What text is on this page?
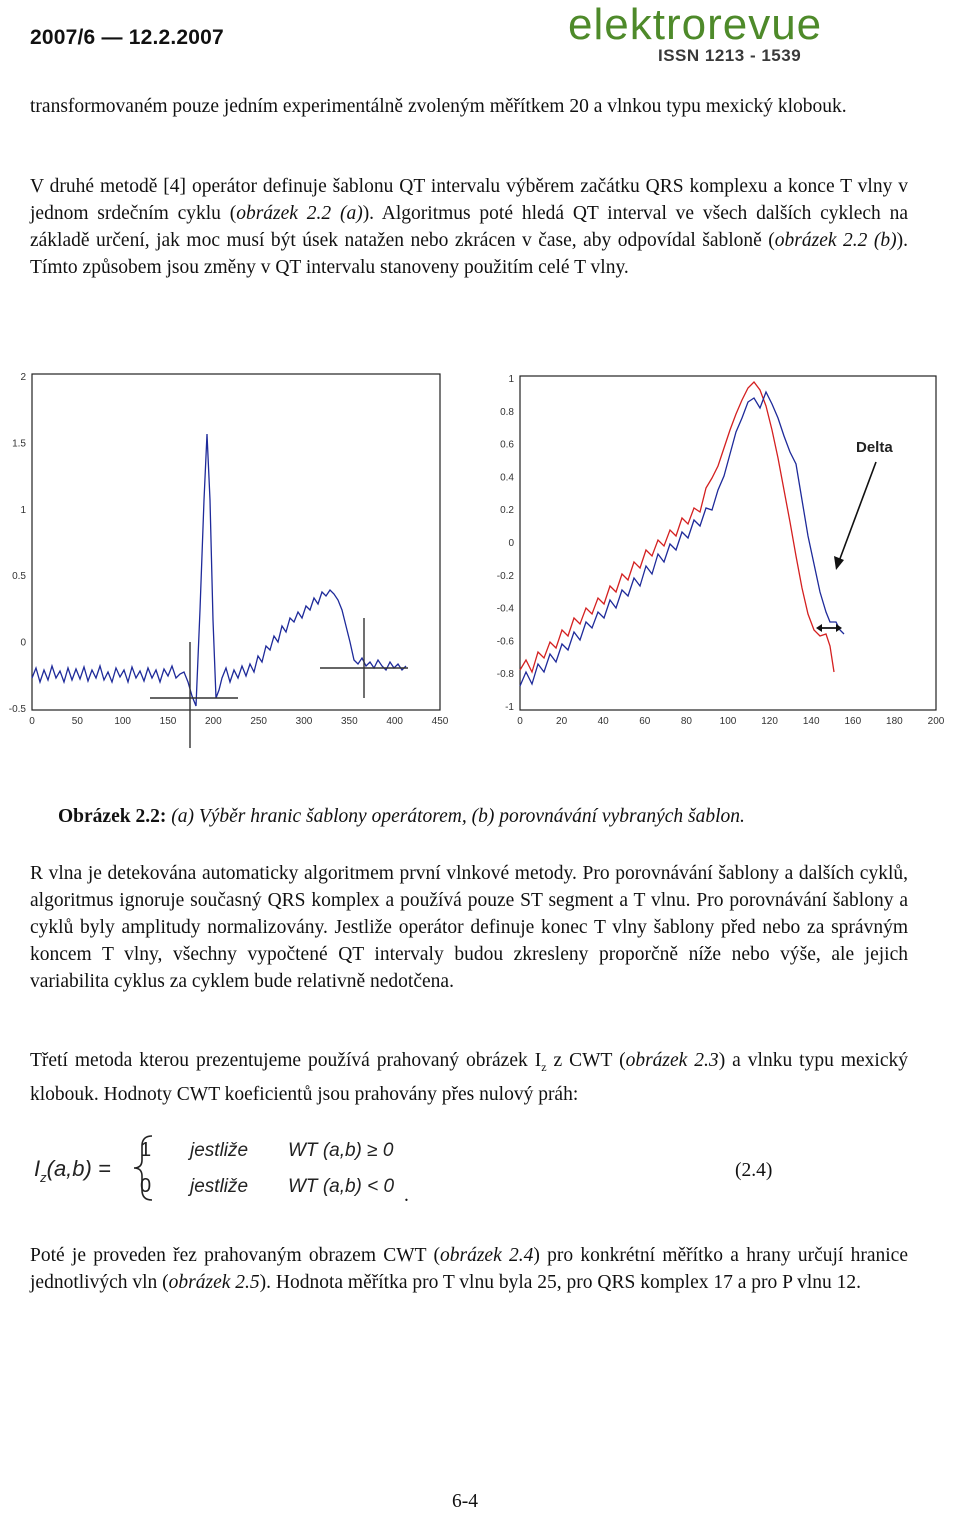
2007/6 — 12.2.2007	elektrorevue
ISSN 1213 - 1539

transformovaném pouze jedním experimentálně zvoleným měřítkem 20 a vlnkou typu mexický klobouk.

V druhé metodě [4] operátor definuje šablonu QT intervalu výběrem začátku QRS komplexu a konce T vlny v jednom srdečním cyklu (obrázek 2.2 (a)). Algoritmus poté hledá QT interval ve všech dalších cyklech na základě určení, jak moc musí být úsek natažen nebo zkrácen v čase, aby odpovídal šabloně (obrázek 2.2 (b)). Tímto způsobem jsou změny v QT intervalu stanoveny použitím celé T vlny.

2
1.5
1
0.5
0
-0.5
0	50	100	150	200	250	300	350	400	450
1
0.8
0.6
0.4
0.2
0
-0.2
-0.4
-0.6
-0.8
-1
0	20	40	60	80	100 120 140 160 180 200
Delta
Obrázek 2.2: (a) Výběr hranic šablony operátorem, (b) porovnávání vybraných šablon.

R vlna je detekována automaticky algoritmem první vlnkové metody. Pro porovnávání šablony a dalších cyklů, algoritmus ignoruje současný QRS komplex a používá pouze ST segment a T vlnu. Pro porovnávání šablony a cyklů byly amplitudy normalizovány. Jestliže operátor definuje konec T vlny šablony před nebo za správným koncem T vlny, všechny vypočtené QT intervaly budou zkresleny proporčně níže nebo výše, ale jejich variabilita cyklus za cyklem bude relativně nedotčena.

Třetí metoda kterou prezentujeme používá prahovaný obrázek $I_z$ z CWT (obrázek 2.3) a vlnku typu mexický klobouk. Hodnoty CWT koeficientů jsou prahovány přes nulový práh:

$I_z(a,b)$ =
1 jestliže WT (a,b) ≥ 0
0 jestliže WT (a,b) < 0 .
(2.4)

Poté je proveden řez prahovaným obrazem CWT (obrázek 2.4) pro konkrétní měřítko a hrany určují hranice jednotlivých vln (obrázek 2.5). Hodnota měřítka pro T vlnu byla 25, pro QRS komplex 17 a pro P vlnu 12.

6-4
